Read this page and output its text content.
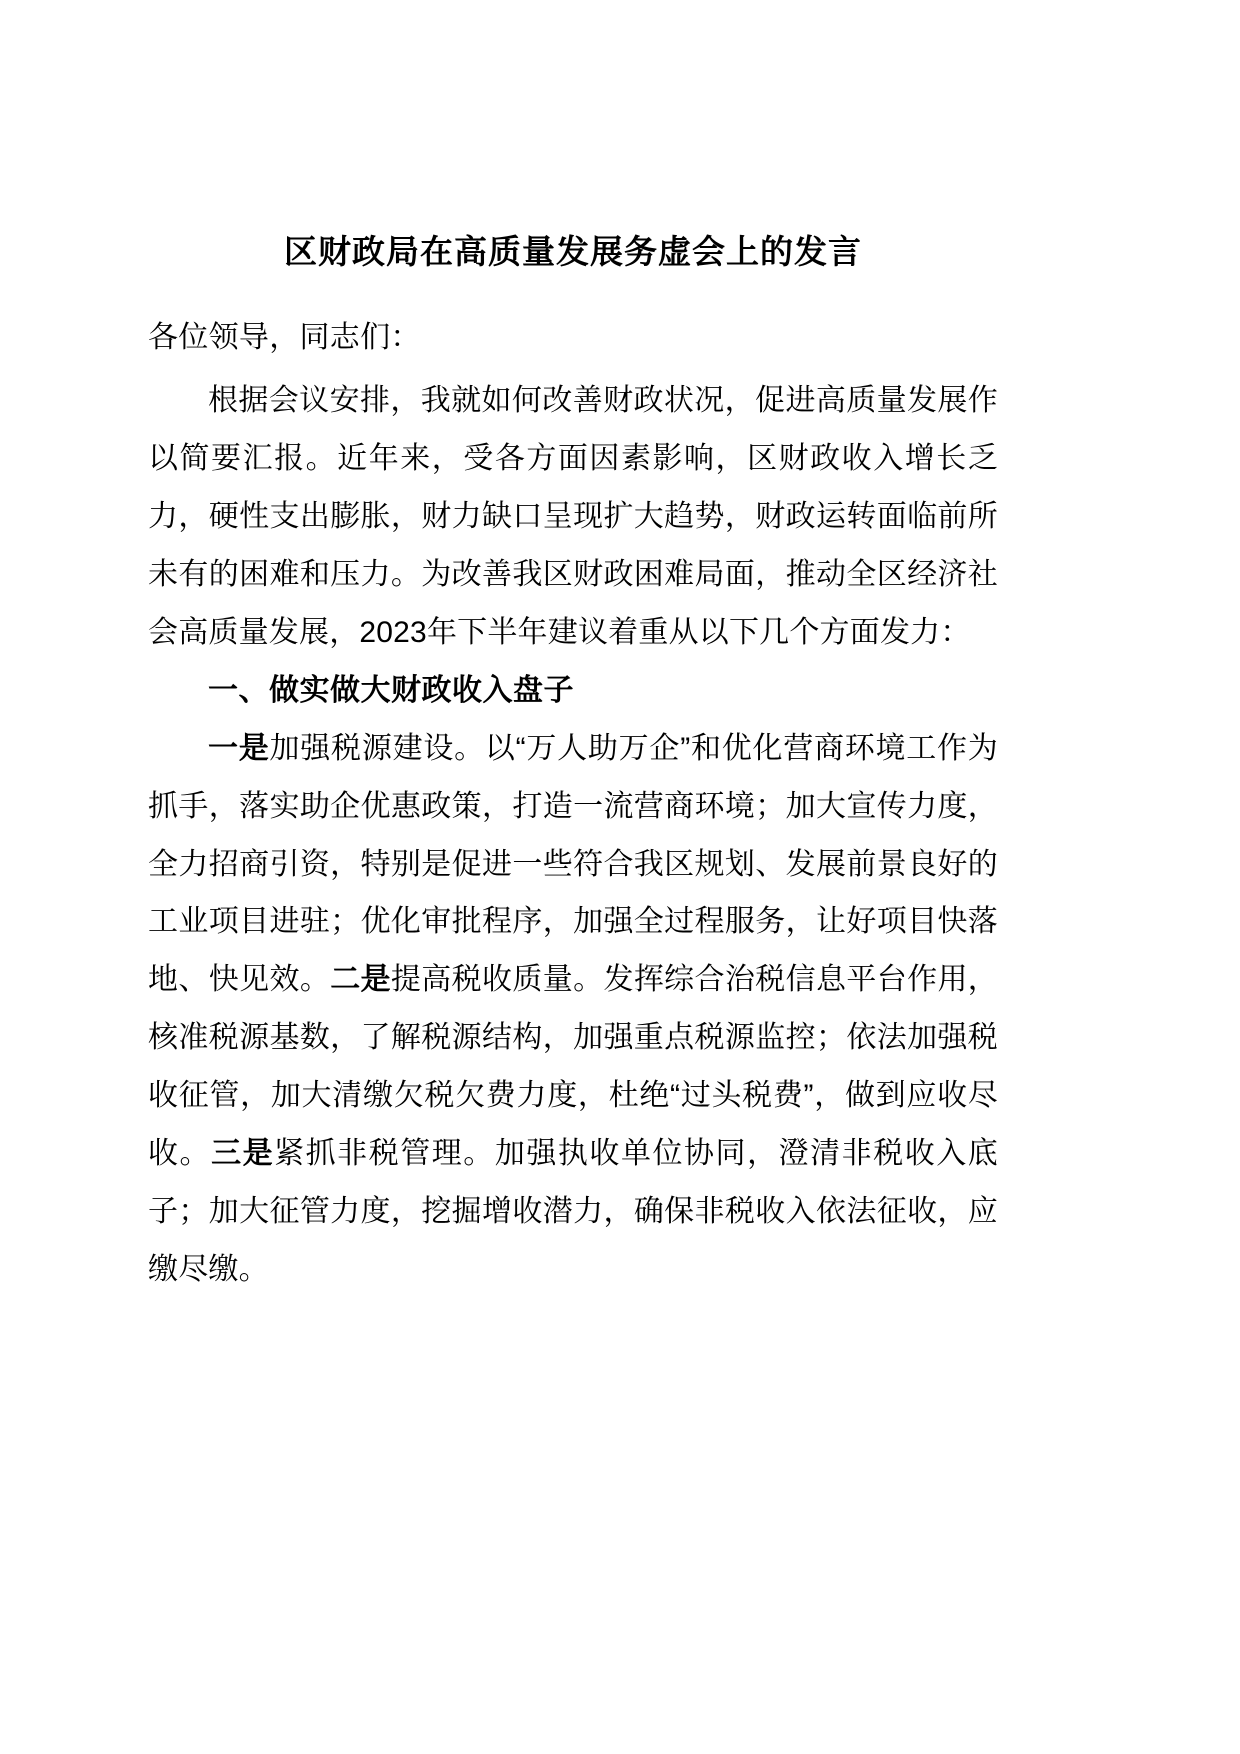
区财政局在高质量发展务虚会上的发言

各位领导，同志们：

根据会议安排，我就如何改善财政状况，促进高质量发展作以简要汇报。近年来，受各方面因素影响，区财政收入增长乏力，硬性支出膨胀，财力缺口呈现扩大趋势，财政运转面临前所未有的困难和压力。为改善我区财政困难局面，推动全区经济社会高质量发展，2023年下半年建议着重从以下几个方面发力：

一、做实做大财政收入盘子

一是加强税源建设。以“万人助万企”和优化营商环境工作为抓手，落实助企优惠政策，打造一流营商环境；加大宣传力度，全力招商引资，特别是促进一些符合我区规划、发展前景良好的工业项目进驻；优化审批程序，加强全过程服务，让好项目快落地、快见效。二是提高税收质量。发挥综合治税信息平台作用，核准税源基数，了解税源结构，加强重点税源监控；依法加强税收征管，加大清缴欠税欠费力度，杜绝“过头税费”，做到应收尽收。三是紧抓非税管理。加强执收单位协同，澄清非税收入底子；加大征管力度，挖掘增收潜力，确保非税收入依法征收，应缴尽缴。
